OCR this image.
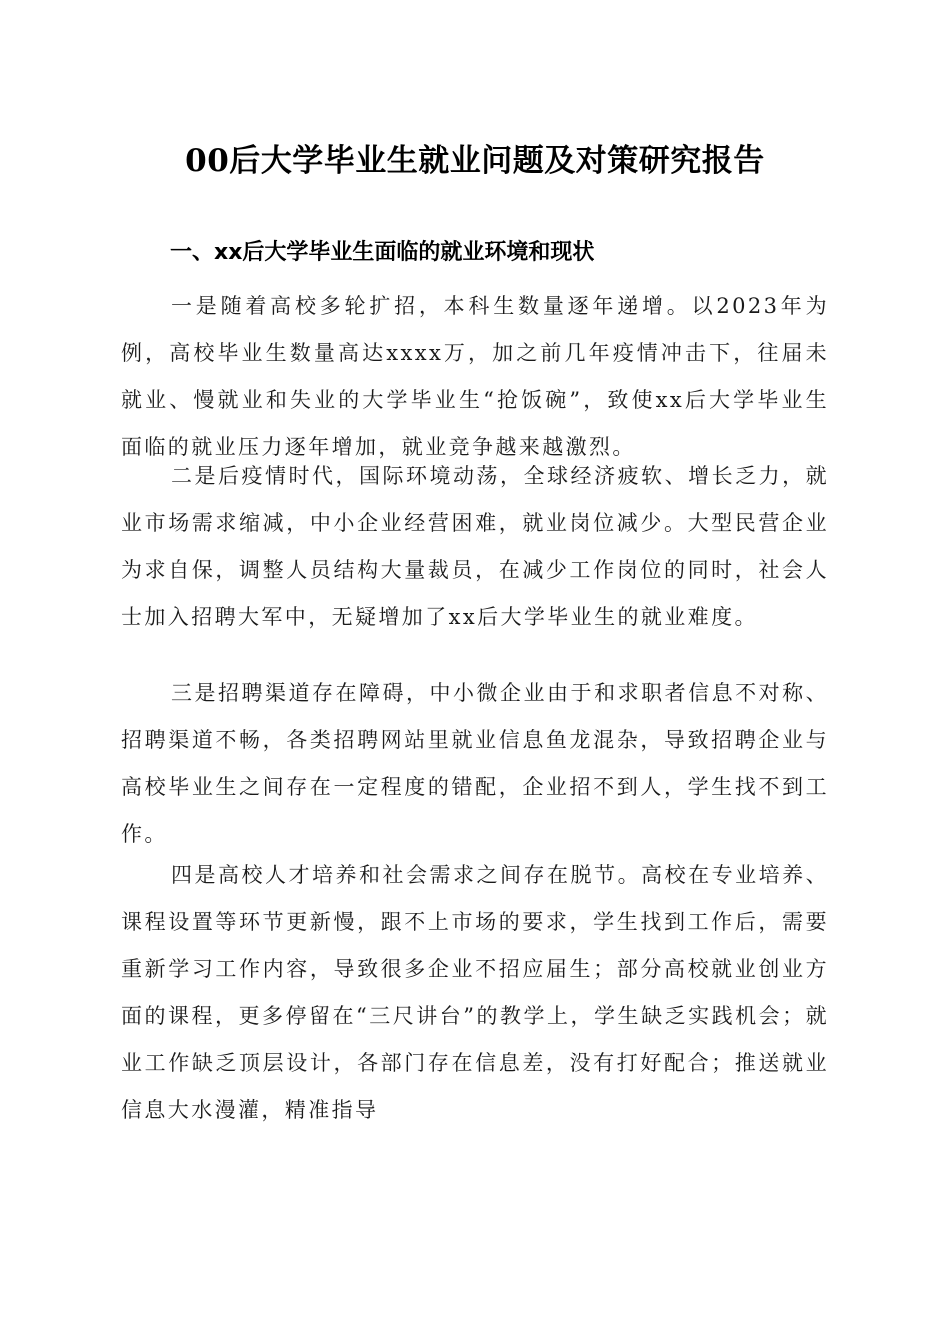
00后大学毕业生就业问题及对策研究报告
一、xx后大学毕业生面临的就业环境和现状

一是随着高校多轮扩招，本科生数量逐年递增。以2023年为例，高校毕业生数量高达xxxx万，加之前几年疫情冲击下，往届未就业、慢就业和失业的大学毕业生“抢饭碗”，致使xx后大学毕业生面临的就业压力逐年增加，就业竞争越来越激烈。

二是后疫情时代，国际环境动荡，全球经济疲软、增长乏力，就业市场需求缩减，中小企业经营困难，就业岗位减少。大型民营企业为求自保，调整人员结构大量裁员，在减少工作岗位的同时，社会人士加入招聘大军中，无疑增加了xx后大学毕业生的就业难度。

三是招聘渠道存在障碍，中小微企业由于和求职者信息不对称、招聘渠道不畅，各类招聘网站里就业信息鱼龙混杂，导致招聘企业与高校毕业生之间存在一定程度的错配，企业招不到人，学生找不到工作。

四是高校人才培养和社会需求之间存在脱节。高校在专业培养、课程设置等环节更新慢，跟不上市场的要求，学生找到工作后，需要重新学习工作内容，导致很多企业不招应届生；部分高校就业创业方面的课程，更多停留在“三尺讲台”的教学上，学生缺乏实践机会；就业工作缺乏顶层设计，各部门存在信息差，没有打好配合；推送就业信息大水漫灌，精准指导
